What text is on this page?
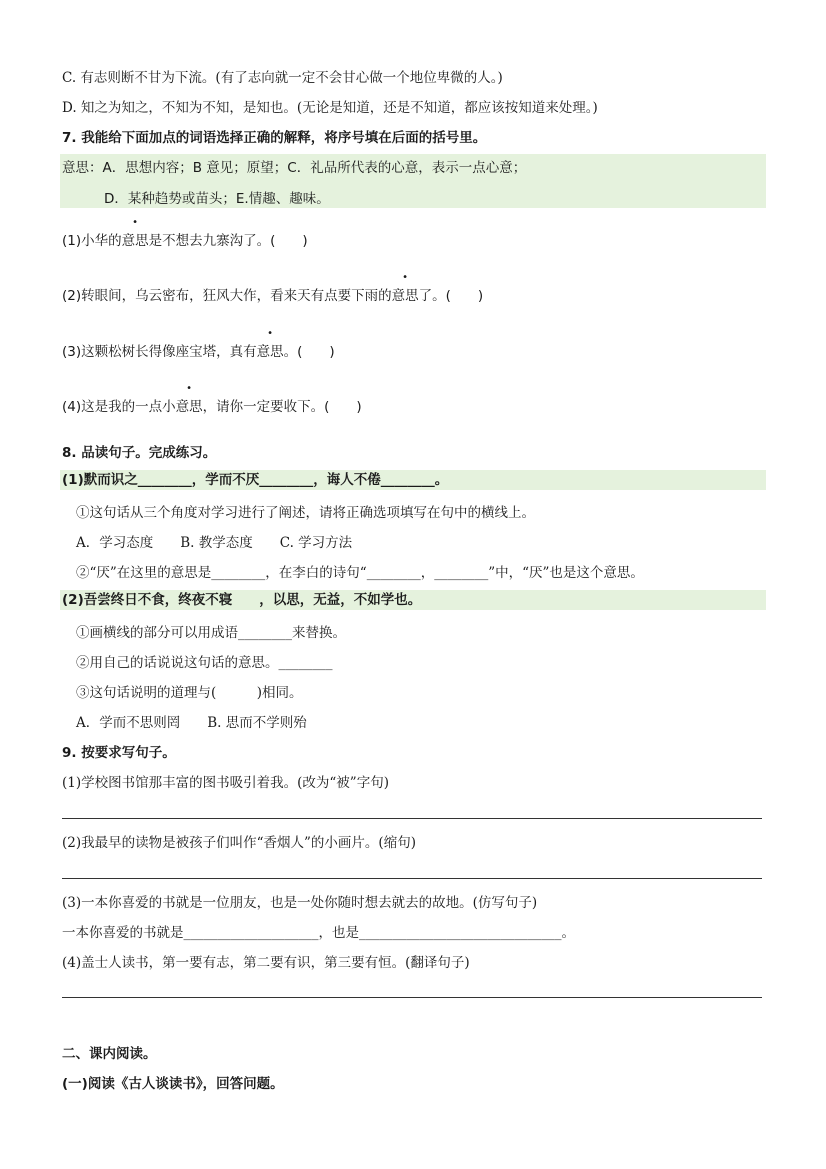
C. 有志则断不甘为下流。(有了志向就一定不会甘心做一个地位卑微的人。)
D. 知之为知之，不知为不知，是知也。(无论是知道，还是不知道，都应该按知道来处理。)
7. 我能给下面加点的词语选择正确的解释，将序号填在后面的括号里。
意思：A．思想内容；B 意见；原望；C．礼品所代表的心意，表示一点心意；
D．某种趋势或苗头；E.情趣、趣味。
(1)小华的意思是不想去九寨沟了。(　　)
(2)转眼间，乌云密布，狂风大作，看来天有点要下雨的意思了。(　　)
(3)这颗松树长得像座宝塔，真有意思。(　　)
(4)这是我的一点小意思，请你一定要收下。(　　)
8. 品读句子。完成练习。
(1)默而识之________，学而不厌________，诲人不倦________。
①这句话从三个角度对学习进行了阐述，请将正确选项填写在句中的横线上。
A．学习态度　　B. 教学态度　　C. 学习方法
②“厌”在这里的意思是________，在李白的诗句“________，________”中，“厌”也是这个意思。
(2)吾尝终日不食，终夜不寝　　，以思，无益，不如学也。
①画横线的部分可以用成语________来替换。
②用自己的话说说这句话的意思。________
③这句话说明的道理与(　　　)相同。
A．学而不思则罔　　B. 思而不学则殆
9. 按要求写句子。
(1)学校图书馆那丰富的图书吸引着我。(改为“被”字句)
(2)我最早的读物是被孩子们叫作“香烟人”的小画片。(缩句)
(3)一本你喜爱的书就是一位朋友，也是一处你随时想去就去的故地。(仿写句子)
一本你喜爱的书就是____________________，也是______________________________。
(4)盖士人读书，第一要有志，第二要有识，第三要有恒。(翻译句子)
二、课内阅读。
(一)阅读《古人谈读书》，回答问题。
